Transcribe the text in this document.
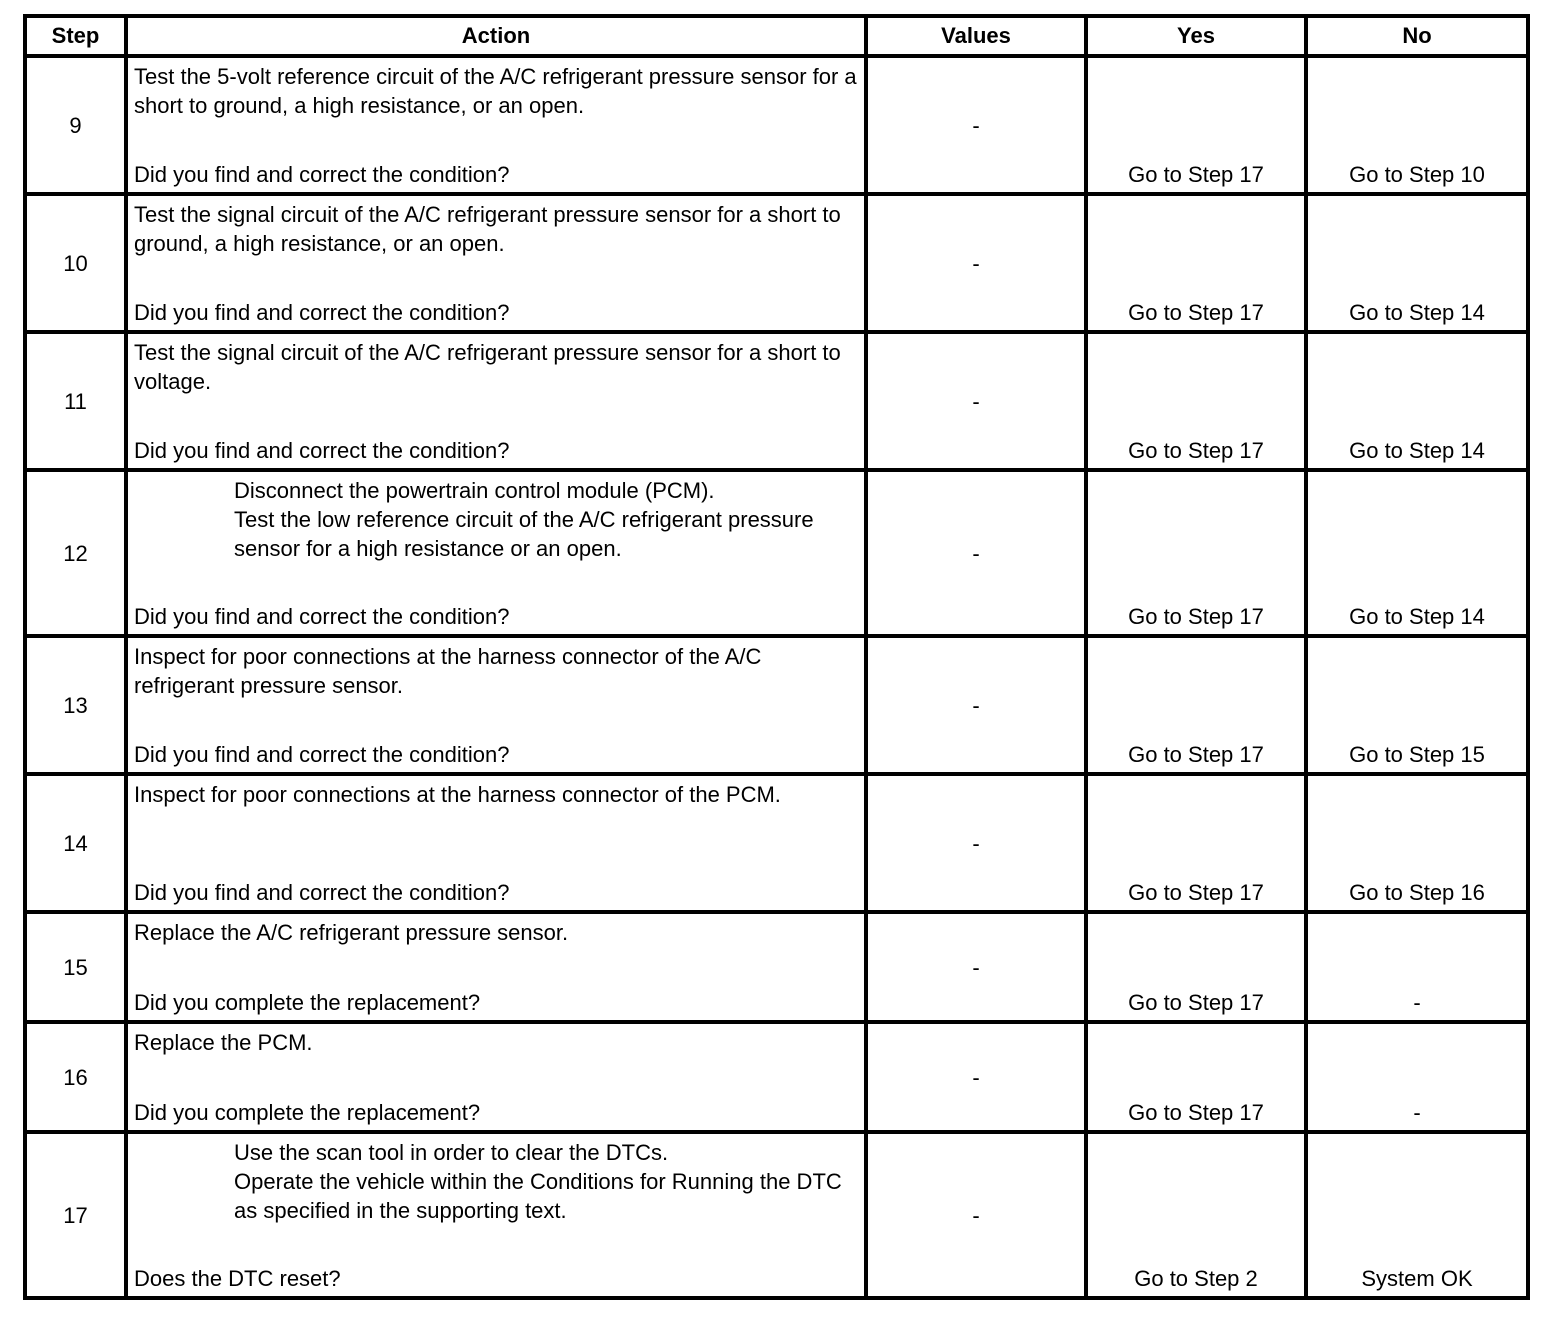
Step	Action	Values	Yes	No
9	Test the 5-volt reference circuit of the A/C refrigerant pressure sensor for a short to ground, a high resistance, or an open.
Did you find and correct the condition?	-	Go to Step 17	Go to Step 10
10	Test the signal circuit of the A/C refrigerant pressure sensor for a short to ground, a high resistance, or an open.
Did you find and correct the condition?	-	Go to Step 17	Go to Step 14
11	Test the signal circuit of the A/C refrigerant pressure sensor for a short to voltage.
Did you find and correct the condition?	-	Go to Step 17	Go to Step 14
12	Disconnect the powertrain control module (PCM).
Test the low reference circuit of the A/C refrigerant pressure sensor for a high resistance or an open.
Did you find and correct the condition?	-	Go to Step 17	Go to Step 14
13	Inspect for poor connections at the harness connector of the A/C refrigerant pressure sensor.
Did you find and correct the condition?	-	Go to Step 17	Go to Step 15
14	Inspect for poor connections at the harness connector of the PCM.
Did you find and correct the condition?	-	Go to Step 17	Go to Step 16
15	Replace the A/C refrigerant pressure sensor.
Did you complete the replacement?	-	Go to Step 17	-
16	Replace the PCM.
Did you complete the replacement?	-	Go to Step 17	-
17	Use the scan tool in order to clear the DTCs.
Operate the vehicle within the Conditions for Running the DTC as specified in the supporting text.
Does the DTC reset?	-	Go to Step 2	System OK
